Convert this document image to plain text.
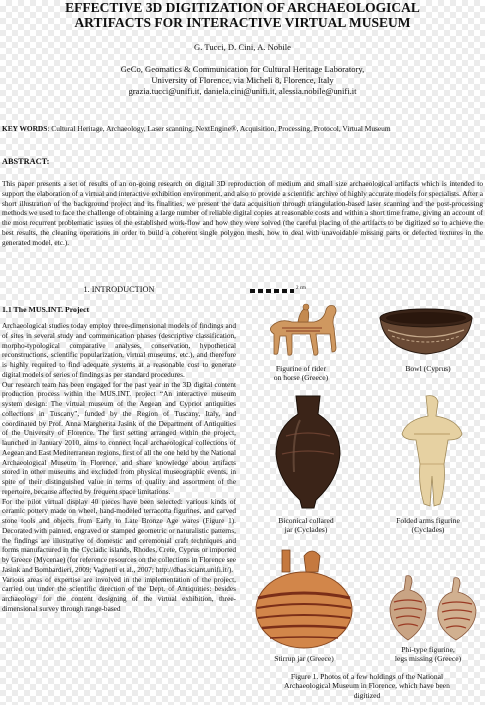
EFFECTIVE 3D DIGITIZATION OF ARCHAEOLOGICAL ARTIFACTS FOR INTERACTIVE VIRTUAL MUSEUM
G. Tucci, D. Cini, A. Nobile
GeCo, Geomatics & Communication for Cultural Heritage Laboratory,
University of Florence, via Micheli 8, Florence, Italy
grazia.tucci@unifi.it, daniela.cini@unifi.it, alessia.nobile@unifi.it
KEY WORDS: Cultural Heritage, Archaeology, Laser scanning, NextEngine®, Acquisition, Processing, Protocol, Virtual Museum
ABSTRACT:
This paper presents a set of results of an on-going research on digital 3D reproduction of medium and small size archaeological artifacts which is intended to support the elaboration of a virtual and interactive exhibition environment, and also to provide a scientific archive of highly accurate models for specialists. After a short illustration of the background project and its finalities, we present the data acquisition through triangulation-based laser scanning and the post-processing methods we used to face the challenge of obtaining a large number of reliable digital copies at reasonable costs and within a short time frame, giving an account of the most recurrent problematic issues of the established work-flow and how they were solved (the careful placing of the artifacts to be digitized so to achieve the best results, the cleaning operations in order to build a coherent single polygon mesh, how to deal with unavoidable missing parts or defected textures in the generated model, etc.).
1. INTRODUCTION
1.1 The MUS.INT. Project

Archaeological studies today employ three-dimensional models of findings and of sites in several study and communication phases (descriptive classification, morpho-typological comparative analyses, conservation, hypothetical reconstructions, scientific popularization, virtual museums, etc.), and therefore is highly required to find adequate systems at a reasonable cost to generate digital models of series of findings as per standard procedures.

Our research team has been engaged for the past year in the 3D digital content production process within the MUS.INT. project “An interactive museum system design: The virtual museum of the Aegean and Cypriot antiquities collections in Tuscany”, funded by the Region of Tuscany, Italy, and coordinated by Prof. Anna Margherita Jasink of the Department of Antiquities of the University of Florence. The first setting arranged within the project, launched in January 2010, aims to connect local archaeological collections of Aegean and East Mediterranean regions, first of all the one held by the National Archaeological Museum in Florence, and share knowledge about artifacts stored in other museums and excluded from physical museographic events, in spite of their distinguished value in terms of quality and assortment of the repertoire, because affected by frequent space limitations.

For the pilot virtual display 40 pieces have been selected: various kinds of ceramic pottery made on wheel, hand-modeled terracotta figurines, and carved stone tools and objects from Early to Late Bronze Age wares (Figure 1). Decorated with painted, engraved or stamped geometric or naturalistic patterns, the findings are illustrative of domestic and ceremonial craft techniques and forms manufactured in the Cycladic islands, Rhodes, Crete, Cyprus or imported by Greece (Mycenae) (for reference resources on the collections in Florence see Jasink and Bombardieri, 2009; Vagnetti et al., 2007; http://dbas.sciant.unifi.it/).

Various areas of expertise are involved in the implementation of the project, carried out under the scientific direction of the Dept. of Antiquities: besides archaeology for the content designing of the virtual exhibition, three-dimensional survey through range-based

2 cm
Figurine of rider
on horse (Greece)
Bowl (Cyprus)
Biconical collared
jar (Cyclades)
Folded arms figurine
(Cyclades)
Stirrup jar (Greece)
Phi-type figurine,
legs missing (Greece)
Figure 1. Photos of a few holdings of the National Archaeological Museum in Florence, which have been digitized
